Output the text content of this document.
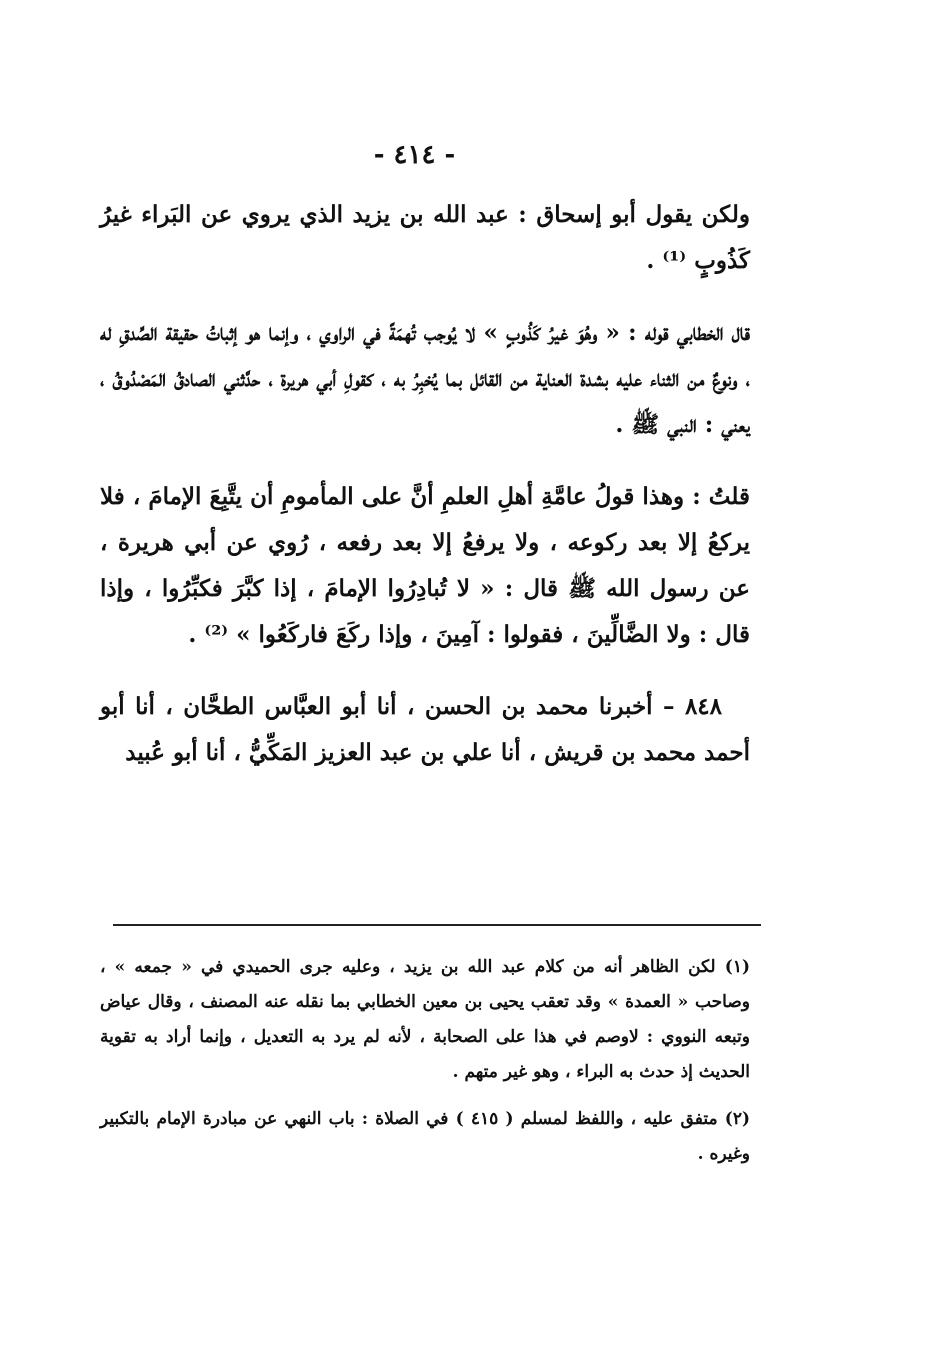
- ٤١٤ -

ولكن يقول أبو إسحاق : عبد الله بن يزيد الذي يروي عن البَراء غيرُ كَذُوبٍ ⁽¹⁾ .

قال الخطابي قوله : « وهُوَ غيرُ كَذُوبٍ » لا يُوجب تُهمَةً في الراوي ، وإنما هو إثباتُ حقيقة الصِّدقِ له ، ونوعٌ من الثناء عليه بشدة العناية من القائل بما يُخبِرُ به ، كقولِ أبي هريرة ، حدَّثني الصادقُ المَصْدُوقُ ، يعني : النبي ﷺ .

قلتُ : وهذا قولُ عامَّةِ أهلِ العلمِ أنَّ على المأمومِ أن يتَّبِعَ الإمامَ ، فلا يركعُ إلا بعد ركوعه ، ولا يرفعُ إلا بعد رفعه ، رُوي عن أبي هريرة ، عن رسول الله ﷺ قال : « لا تُبادِرُوا الإمامَ ، إذا كبَّرَ فكبِّرُوا ، وإذا قال : ولا الضَّالِّينَ ، فقولوا : آمِينَ ، وإذا ركَعَ فاركَعُوا » ⁽²⁾ .

٨٤٨ – أخبرنا محمد بن الحسن ، أنا أبو العبَّاس الطحَّان ، أنا أبو أحمد محمد بن قريش ، أنا علي بن عبد العزيز المَكِّيُّ ، أنا أبو عُبيد

(١) لكن الظاهر أنه من كلام عبد الله بن يزيد ، وعليه جرى الحميدي في « جمعه » ، وصاحب « العمدة » وقد تعقب يحيى بن معين الخطابي بما نقله عنه المصنف ، وقال عياض وتبعه النووي : لاوصم في هذا على الصحابة ، لأنه لم يرد به التعديل ، وإنما أراد به تقوية الحديث إذ حدث به البراء ، وهو غير متهم .

(٢) متفق عليه ، واللفظ لمسلم ( ٤١٥ ) في الصلاة : باب النهي عن مبادرة الإمام بالتكبير وغيره .
